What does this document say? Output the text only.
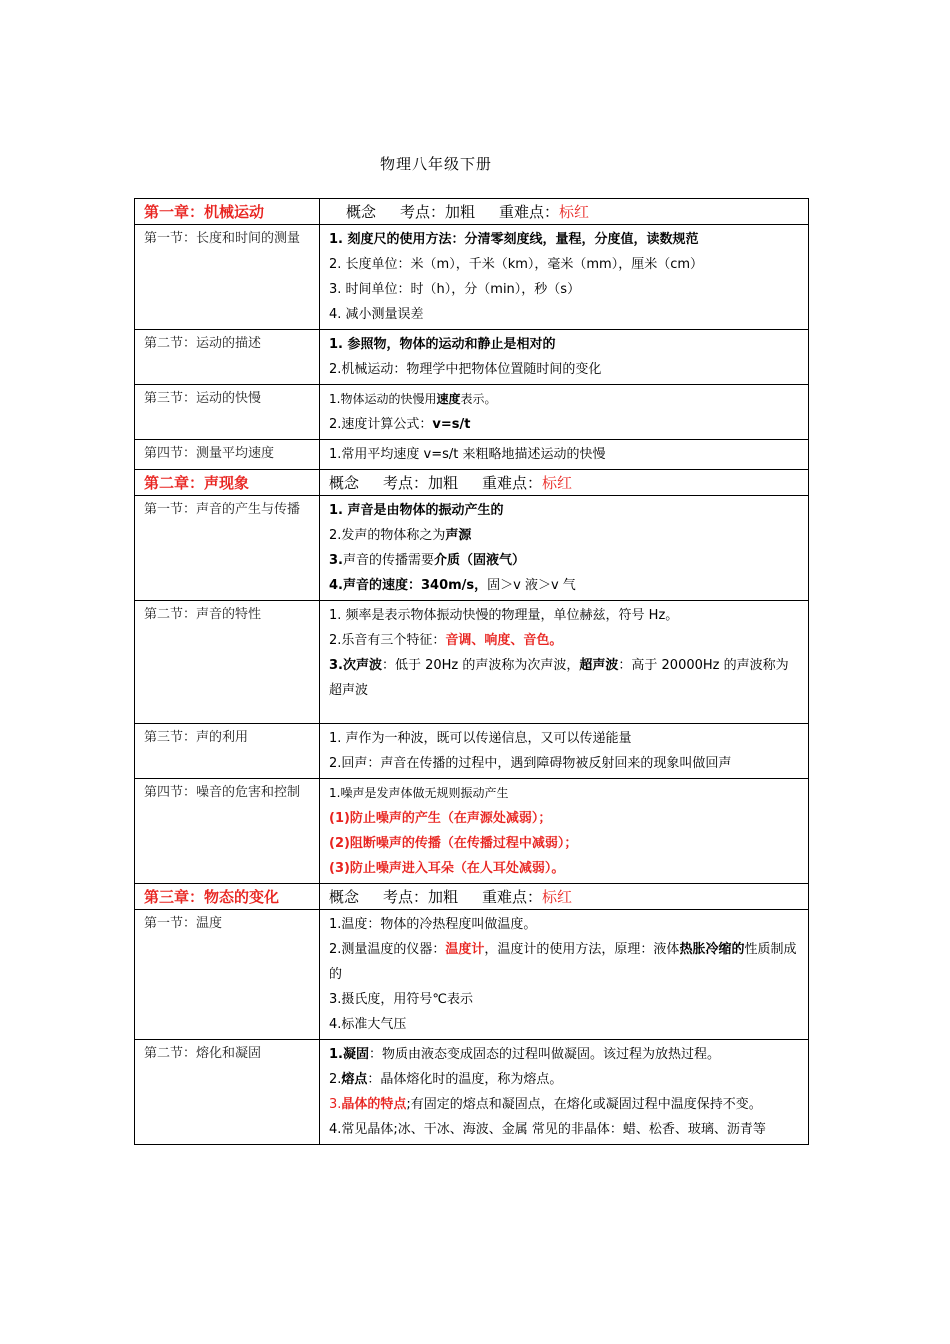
物理八年级下册
第一章：机械运动	概念 考点：加粗 重难点：标红
第一节：长度和时间的测量	1. 刻度尺的使用方法：分清零刻度线，量程，分度值，读数规范
2. 长度单位：米（m），千米（km），毫米（mm），厘米（cm）
3. 时间单位：时（h），分（min），秒（s）
4. 减小测量误差

第二节：运动的描述	1. 参照物，物体的运动和静止是相对的
2.机械运动：物理学中把物体位置随时间的变化

第三节：运动的快慢	1.物体运动的快慢用速度表示。
2.速度计算公式：v=s/t

第四节：测量平均速度	1.常用平均速度 v=s/t 来粗略地描述运动的快慢

第二章：声现象	概念 考点：加粗 重难点：标红
第一节：声音的产生与传播	1. 声音是由物体的振动产生的
2.发声的物体称之为声源
3.声音的传播需要介质（固液气）
4.声音的速度：340m/s，固＞v 液＞v 气

第二节：声音的特性	1. 频率是表示物体振动快慢的物理量，单位赫兹，符号 Hz。
2.乐音有三个特征：音调、响度、音色。
3.次声波：低于 20Hz 的声波称为次声波，超声波：高于 20000Hz 的声波称为超声波

第三节：声的利用	1. 声作为一种波，既可以传递信息，又可以传递能量
2.回声：声音在传播的过程中，遇到障碍物被反射回来的现象叫做回声

第四节：噪音的危害和控制	1.噪声是发声体做无规则振动产生
(1)防止噪声的产生（在声源处减弱）；
(2)阻断噪声的传播（在传播过程中减弱）；
(3)防止噪声进入耳朵（在人耳处减弱）。

第三章：物态的变化	概念 考点：加粗 重难点：标红
第一节：温度	1.温度：物体的冷热程度叫做温度。
2.测量温度的仪器：温度计，温度计的使用方法，原理：液体热胀冷缩的性质制成的
3.摄氏度，用符号℃表示
4.标准大气压

第二节：熔化和凝固	1.凝固：物质由液态变成固态的过程叫做凝固。该过程为放热过程。
2.熔点：晶体熔化时的温度，称为熔点。
3.晶体的特点;有固定的熔点和凝固点，在熔化或凝固过程中温度保持不变。
4.常见晶体;冰、干冰、海波、金属 常见的非晶体：蜡、松香、玻璃、沥青等
